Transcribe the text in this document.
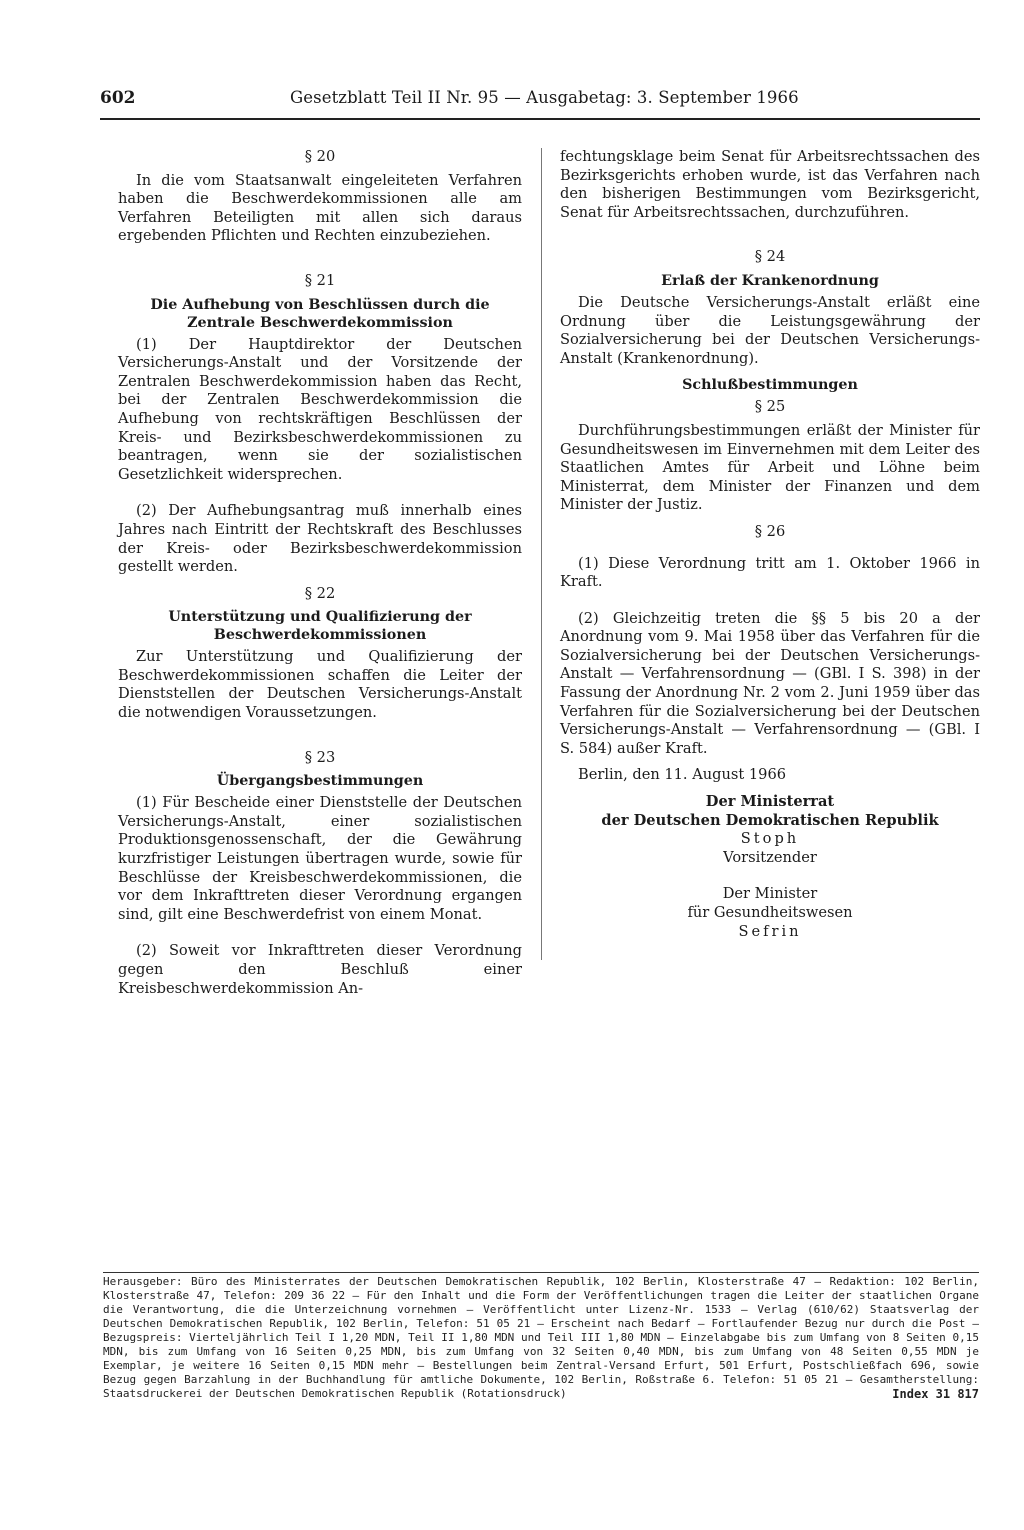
602	Gesetzblatt Teil II Nr. 95 — Ausgabetag: 3. September 1966
§ 20

In die vom Staatsanwalt eingeleiteten Verfahren haben die Beschwerdekommissionen alle am Verfahren Beteiligten mit allen sich daraus ergebenden Pflichten und Rechten einzubeziehen.

§ 21
Die Aufhebung von Beschlüssen durch die Zentrale Beschwerdekommission

(1) Der Hauptdirektor der Deutschen Versicherungs-Anstalt und der Vorsitzende der Zentralen Beschwerdekommission haben das Recht, bei der Zentralen Beschwerdekommission die Aufhebung von rechtskräftigen Beschlüssen der Kreis- und Bezirksbeschwerdekommissionen zu beantragen, wenn sie der sozialistischen Gesetzlichkeit widersprechen.

(2) Der Aufhebungsantrag muß innerhalb eines Jahres nach Eintritt der Rechtskraft des Beschlusses der Kreis- oder Bezirksbeschwerdekommission gestellt werden.

§ 22
Unterstützung und Qualifizierung der Beschwerdekommissionen

Zur Unterstützung und Qualifizierung der Beschwerdekommissionen schaffen die Leiter der Dienststellen der Deutschen Versicherungs-Anstalt die notwendigen Voraussetzungen.

§ 23
Übergangsbestimmungen

(1) Für Bescheide einer Dienststelle der Deutschen Versicherungs-Anstalt, einer sozialistischen Produktionsgenossenschaft, der die Gewährung kurzfristiger Leistungen übertragen wurde, sowie für Beschlüsse der Kreisbeschwerdekommissionen, die vor dem Inkrafttreten dieser Verordnung ergangen sind, gilt eine Beschwerdefrist von einem Monat.

(2) Soweit vor Inkrafttreten dieser Verordnung gegen den Beschluß einer Kreisbeschwerdekommission An-

fechtungsklage beim Senat für Arbeitsrechtssachen des Bezirksgerichts erhoben wurde, ist das Verfahren nach den bisherigen Bestimmungen vom Bezirksgericht, Senat für Arbeitsrechtssachen, durchzuführen.

§ 24
Erlaß der Krankenordnung

Die Deutsche Versicherungs-Anstalt erläßt eine Ordnung über die Leistungsgewährung der Sozialversicherung bei der Deutschen Versicherungs-Anstalt (Krankenordnung).

Schlußbestimmungen
§ 25

Durchführungsbestimmungen erläßt der Minister für Gesundheitswesen im Einvernehmen mit dem Leiter des Staatlichen Amtes für Arbeit und Löhne beim Ministerrat, dem Minister der Finanzen und dem Minister der Justiz.

§ 26

(1) Diese Verordnung tritt am 1. Oktober 1966 in Kraft.

(2) Gleichzeitig treten die §§ 5 bis 20 a der Anordnung vom 9. Mai 1958 über das Verfahren für die Sozialversicherung bei der Deutschen Versicherungs-Anstalt — Verfahrensordnung — (GBl. I S. 398) in der Fassung der Anordnung Nr. 2 vom 2. Juni 1959 über das Verfahren für die Sozialversicherung bei der Deutschen Versicherungs-Anstalt — Verfahrensordnung — (GBl. I S. 584) außer Kraft.

Berlin, den 11. August 1966

Der Ministerrat
der Deutschen Demokratischen Republik
Stoph
Vorsitzender
Der Minister
für Gesundheitswesen
Sefrin
Herausgeber: Büro des Ministerrates der Deutschen Demokratischen Republik, 102 Berlin, Klosterstraße 47 — Redaktion: 102 Berlin, Klosterstraße 47, Telefon: 209 36 22 — Für den Inhalt und die Form der Veröffentlichungen tragen die Leiter der staatlichen Organe die Verantwortung, die die Unterzeichnung vornehmen — Veröffentlicht unter Lizenz-Nr. 1533 — Verlag (610/62) Staatsverlag der Deutschen Demokratischen Republik, 102 Berlin, Telefon: 51 05 21 — Erscheint nach Bedarf — Fortlaufender Bezug nur durch die Post — Bezugspreis: Vierteljährlich Teil I 1,20 MDN, Teil II 1,80 MDN und Teil III 1,80 MDN — Einzelabgabe bis zum Umfang von 8 Seiten 0,15 MDN, bis zum Umfang von 16 Seiten 0,25 MDN, bis zum Umfang von 32 Seiten 0,40 MDN, bis zum Umfang von 48 Seiten 0,55 MDN je Exemplar, je weitere 16 Seiten 0,15 MDN mehr — Bestellungen beim Zentral-Versand Erfurt, 501 Erfurt, Postschließfach 696, sowie Bezug gegen Barzahlung in der Buchhandlung für amtliche Dokumente, 102 Berlin, Roßstraße 6. Telefon: 51 05 21 — Gesamtherstellung: Staatsdruckerei der Deutschen Demokratischen Republik (Rotationsdruck)	Index 31 817
